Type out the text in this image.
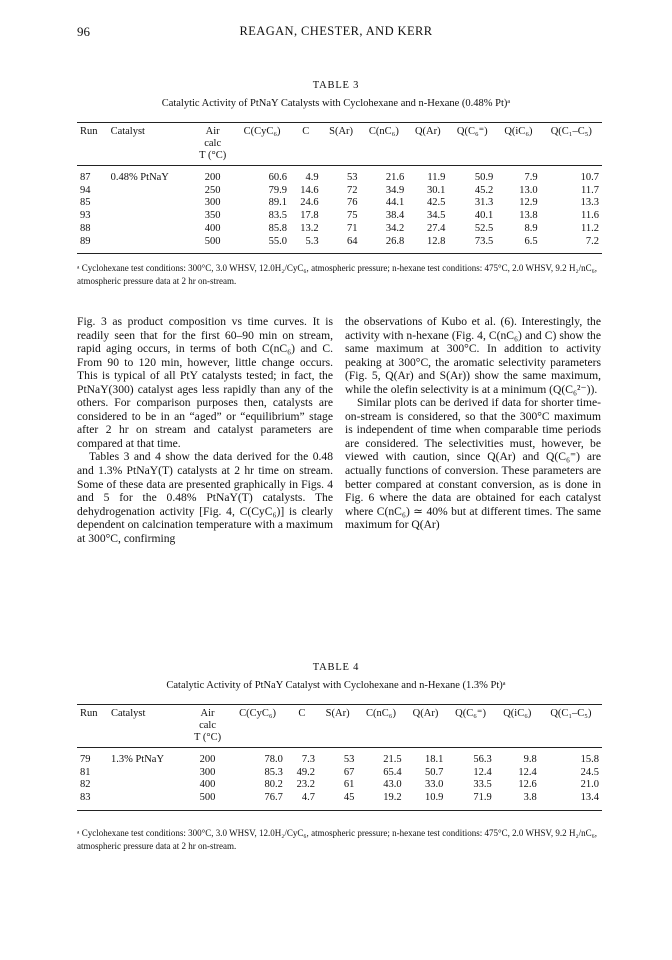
96	REAGAN, CHESTER, AND KERR
TABLE 3
Catalytic Activity of PtNaY Catalysts with Cyclohexane and n-Hexane (0.48% Pt)ᵃ
Run	Catalyst	Air
calc
T (°C)	C(CyC₆)	C	S(Ar)	C(nC₆)	Q(Ar)	Q(C₆⁼)	Q(iC₆)	Q(C₁–C₅)
87	0.48% PtNaY	200	60.6	4.9	53	21.6	11.9	50.9	7.9	10.7
94		250	79.9	14.6	72	34.9	30.1	45.2	13.0	11.7
85		300	89.1	24.6	76	44.1	42.5	31.3	12.9	13.3
93		350	83.5	17.8	75	38.4	34.5	40.1	13.8	11.6
88		400	85.8	13.2	71	34.2	27.4	52.5	8.9	11.2
89		500	55.0	5.3	64	26.8	12.8	73.5	6.5	7.2
ᵃ Cyclohexane test conditions: 300°C, 3.0 WHSV, 12.0H₂/CyC₆, atmospheric pressure; n-hexane test conditions: 475°C, 2.0 WHSV, 9.2 H₂/nC₆, atmospheric pressure data at 2 hr on-stream.

Fig. 3 as product composition vs time curves. It is readily seen that for the first 60–90 min on stream, rapid aging occurs, in terms of both C(nC₆) and C. From 90 to 120 min, however, little change occurs. This is typical of all PtY catalysts tested; in fact, the PtNaY(300) catalyst ages less rapidly than any of the others. For comparison purposes then, catalysts are considered to be in an “aged” or “equilibrium” stage after 2 hr on stream and catalyst parameters are compared at that time.

Tables 3 and 4 show the data derived for the 0.48 and 1.3% PtNaY(T) catalysts at 2 hr time on stream. Some of these data are presented graphically in Figs. 4 and 5 for the 0.48% PtNaY(T) catalysts. The dehydrogenation activity [Fig. 4, C(CyC₆)] is clearly dependent on calcination temperature with a maximum at 300°C, confirming

the observations of Kubo et al. (6). Interestingly, the activity with n-hexane (Fig. 4, C(nC₆) and C) show the same maximum at 300°C. In addition to activity peaking at 300°C, the aromatic selectivity parameters (Fig. 5, Q(Ar) and S(Ar)) show the same maximum, while the olefin selectivity is at a minimum (Q(C₆²⁻)).

Similar plots can be derived if data for shorter time-on-stream is considered, so that the 300°C maximum is independent of time when comparable time periods are considered. The selectivities must, however, be viewed with caution, since Q(Ar) and Q(C₆⁼) are actually functions of conversion. These parameters are better compared at constant conversion, as is done in Fig. 6 where the data are obtained for each catalyst where C(nC₆) ≃ 40% but at different times. The same maximum for Q(Ar)

TABLE 4
Catalytic Activity of PtNaY Catalyst with Cyclohexane and n-Hexane (1.3% Pt)ᵃ
Run	Catalyst	Air
calc
T (°C)	C(CyC₆)	C	S(Ar)	C(nC₆)	Q(Ar)	Q(C₆⁼)	Q(iC₆)	Q(C₁–C₅)
79	1.3% PtNaY	200	78.0	7.3	53	21.5	18.1	56.3	9.8	15.8
81		300	85.3	49.2	67	65.4	50.7	12.4	12.4	24.5
82		400	80.2	23.2	61	43.0	33.0	33.5	12.6	21.0
83		500	76.7	4.7	45	19.2	10.9	71.9	3.8	13.4
ᵃ Cyclohexane test conditions: 300°C, 3.0 WHSV, 12.0H₂/CyC₆, atmospheric pressure; n-hexane test conditions: 475°C, 2.0 WHSV, 9.2 H₂/nC₆, atmospheric pressure data at 2 hr on-stream.
